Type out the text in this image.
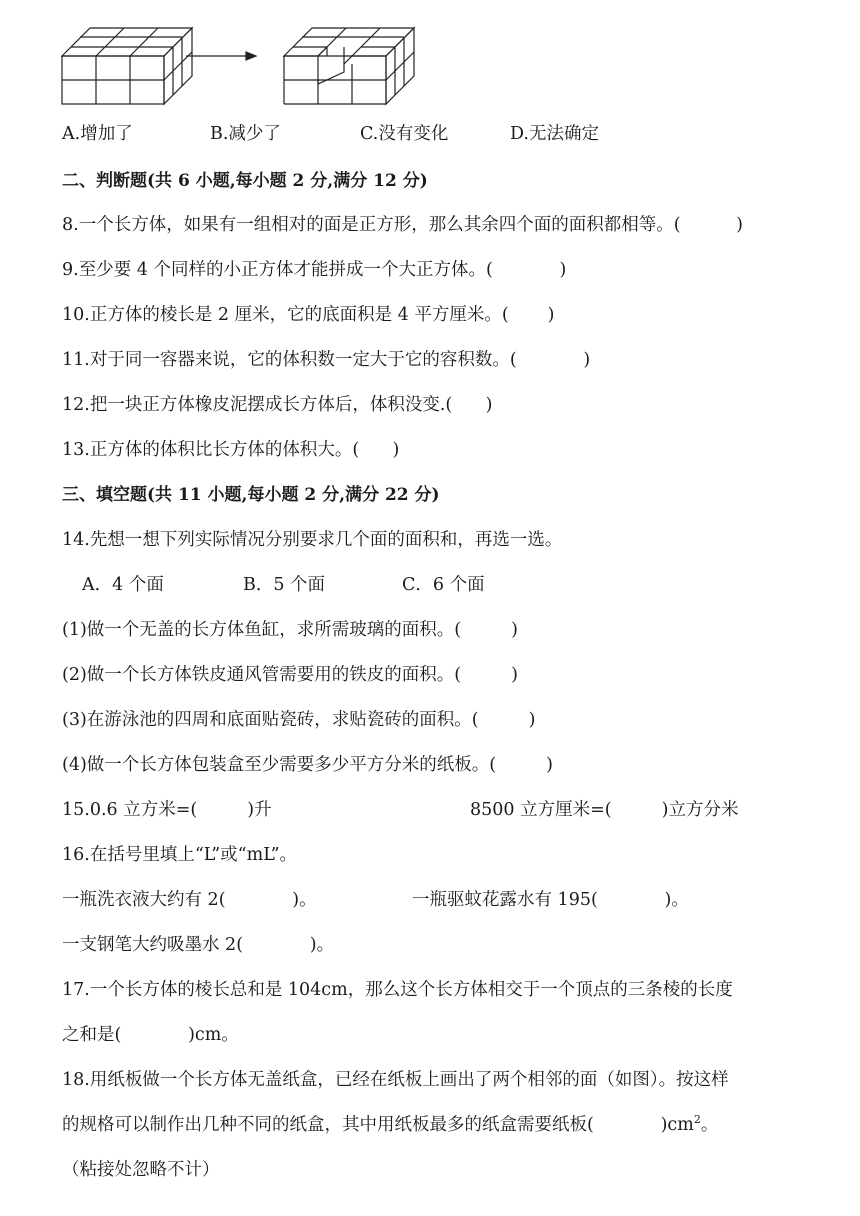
A.增加了	B.减少了	C.没有变化	D.无法确定
二、判断题(共 6 小题,每小题 2 分,满分 12 分)
8.一个长方体，如果有一组相对的面是正方形，那么其余四个面的面积都相等。(          )
9.至少要 4 个同样的小正方体才能拼成一个大正方体。(            )
10.正方体的棱长是 2 厘米，它的底面积是 4 平方厘米。(       )
11.对于同一容器来说，它的体积数一定大于它的容积数。(            )
12.把一块正方体橡皮泥摆成长方体后，体积没变.(      )
13.正方体的体积比长方体的体积大。(      )
三、填空题(共 11 小题,每小题 2 分,满分 22 分)
14.先想一想下列实际情况分别要求几个面的面积和，再选一选。
A．4 个面	B．5 个面	C．6 个面
(1)做一个无盖的长方体鱼缸，求所需玻璃的面积。(         )
(2)做一个长方体铁皮通风管需要用的铁皮的面积。(         )
(3)在游泳池的四周和底面贴瓷砖，求贴瓷砖的面积。(         )
(4)做一个长方体包装盒至少需要多少平方分米的纸板。(         )
15.0.6 立方米=(         )升	8500 立方厘米=(         )立方分米
16.在括号里填上“L”或“mL”。
一瓶洗衣液大约有 2(            )。	一瓶驱蚊花露水有 195(            )。
一支钢笔大约吸墨水 2(            )。
17.一个长方体的棱长总和是 104cm，那么这个长方体相交于一个顶点的三条棱的长度
之和是(            )cm。
18.用纸板做一个长方体无盖纸盒，已经在纸板上画出了两个相邻的面（如图）。按这样
的规格可以制作出几种不同的纸盒，其中用纸板最多的纸盒需要纸板(            )$cm^2$。
（粘接处忽略不计）
